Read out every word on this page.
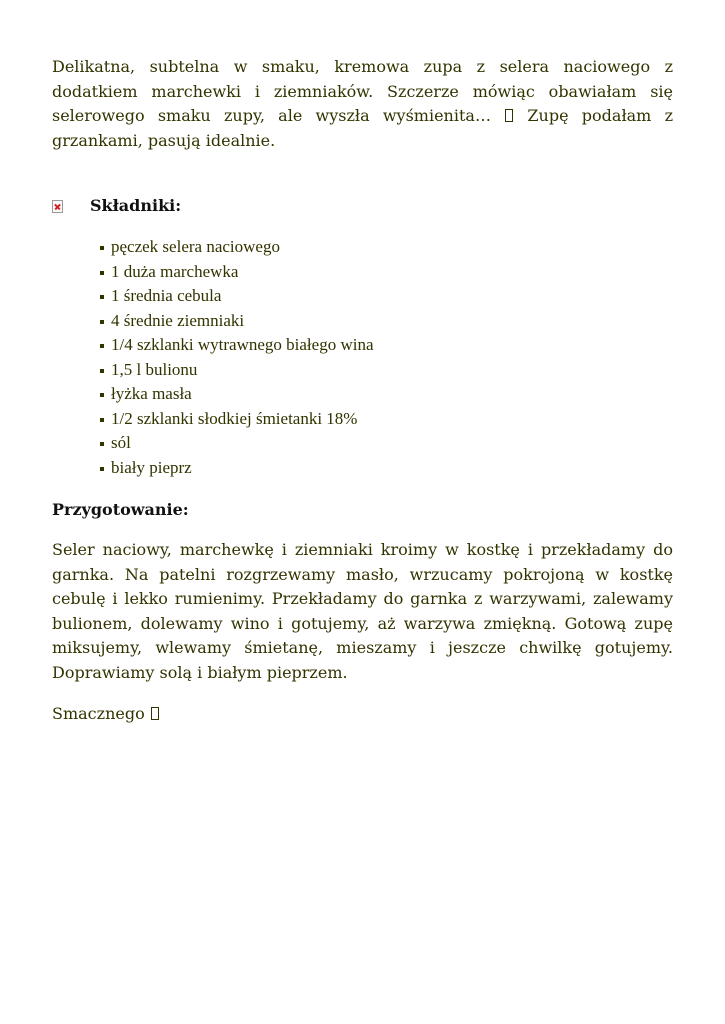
Delikatna, subtelna w smaku, kremowa zupa z selera naciowego z dodatkiem marchewki i ziemniaków. Szczerze mówiąc obawiałam się selerowego smaku zupy, ale wyszła wyśmienita… Zupę podałam z grzankami, pasują idealnie.

Składniki:
pęczek selera naciowego
1 duża marchewka
1 średnia cebula
4 średnie ziemniaki
1/4 szklanki wytrawnego białego wina
1,5 l bulionu
łyżka masła
1/2 szklanki słodkiej śmietanki 18%
sól
biały pieprz
Przygotowanie:

Seler naciowy, marchewkę i ziemniaki kroimy w kostkę i przekładamy do garnka. Na patelni rozgrzewamy masło, wrzucamy pokrojoną w kostkę cebulę i lekko rumienimy. Przekładamy do garnka z warzywami, zalewamy bulionem, dolewamy wino i gotujemy, aż warzywa zmiękną. Gotową zupę miksujemy, wlewamy śmietanę, mieszamy i jeszcze chwilkę gotujemy. Doprawiamy solą i białym pieprzem.

Smacznego
